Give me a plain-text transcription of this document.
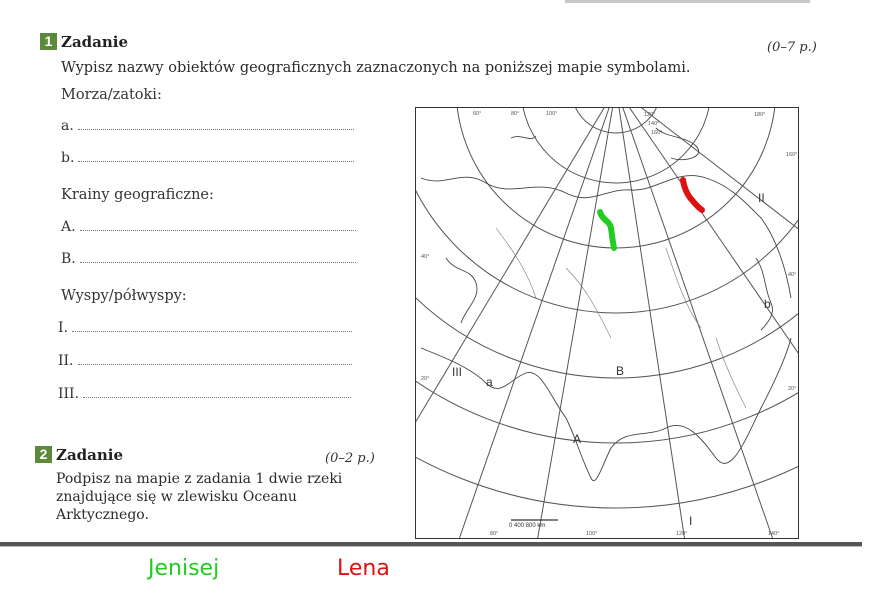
1 Zadanie	(0–7 p.)
Wypisz nazwy obiektów geograficznych zaznaczonych na poniższej mapie symbolami.
Morza/zatoki:
a.
b.
Krainy geograficzne:
A.
B.
Wyspy/półwyspy:
I.
II.
III.
2 Zadanie	(0–2 p.)
Podpisz na mapie z zadania 1 dwie rzeki znajdujące się w zlewisku Oceanu Arktycznego.
a
b
A
B
I
II
III
60°	80°	100°	120°
140°
160°
180°
160°
40°
20°
20°
40°
80°	100°	120°	140°
0 400 800 km
Jenisej	Lena
